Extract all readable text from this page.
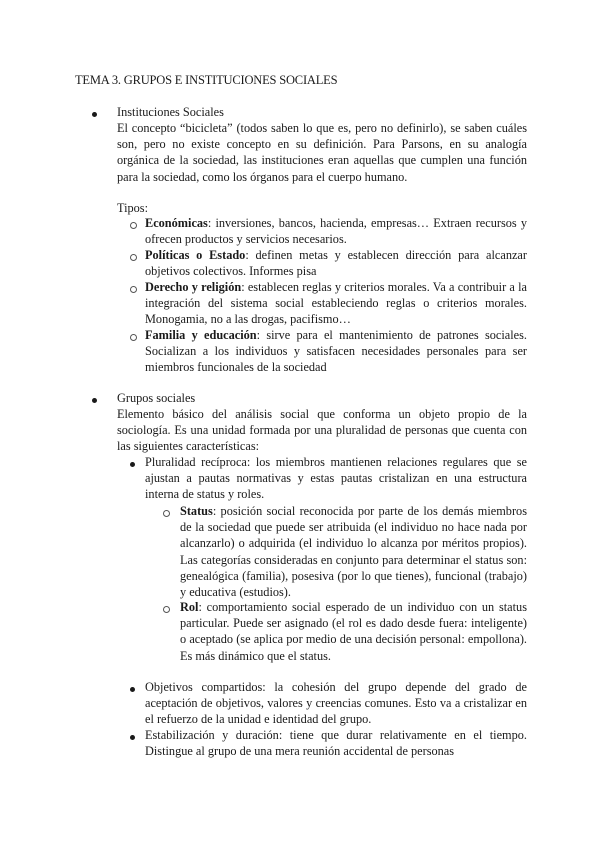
TEMA 3. GRUPOS E INSTITUCIONES SOCIALES
Instituciones Sociales
El concepto “bicicleta” (todos saben lo que es, pero no definirlo), se saben cuáles son, pero no existe concepto en su definición. Para Parsons, en su analogía orgánica de la sociedad, las instituciones eran aquellas que cumplen una función para la sociedad, como los órganos para el cuerpo humano.
Tipos:
Económicas: inversiones, bancos, hacienda, empresas… Extraen recursos y ofrecen productos y servicios necesarios.
Políticas o Estado: definen metas y establecen dirección para alcanzar objetivos colectivos. Informes pisa
Derecho y religión: establecen reglas y criterios morales. Va a contribuir a la integración del sistema social estableciendo reglas o criterios morales. Monogamia, no a las drogas, pacifismo…
Familia y educación: sirve para el mantenimiento de patrones sociales. Socializan a los individuos y satisfacen necesidades personales para ser miembros funcionales de la sociedad
Grupos sociales
Elemento básico del análisis social que conforma un objeto propio de la sociología. Es una unidad formada por una pluralidad de personas que cuenta con las siguientes características:
Pluralidad recíproca: los miembros mantienen relaciones regulares que se ajustan a pautas normativas y estas pautas cristalizan en una estructura interna de status y roles.
Status: posición social reconocida por parte de los demás miembros de la sociedad que puede ser atribuida (el individuo no hace nada por alcanzarlo) o adquirida (el individuo lo alcanza por méritos propios). Las categorías consideradas en conjunto para determinar el status son: genealógica (familia), posesiva (por lo que tienes), funcional (trabajo) y educativa (estudios).
Rol: comportamiento social esperado de un individuo con un status particular. Puede ser asignado (el rol es dado desde fuera: inteligente) o aceptado (se aplica por medio de una decisión personal: empollona). Es más dinámico que el status.
Objetivos compartidos: la cohesión del grupo depende del grado de aceptación de objetivos, valores y creencias comunes. Esto va a cristalizar en el refuerzo de la unidad e identidad del grupo.
Estabilización y duración: tiene que durar relativamente en el tiempo. Distingue al grupo de una mera reunión accidental de personas
